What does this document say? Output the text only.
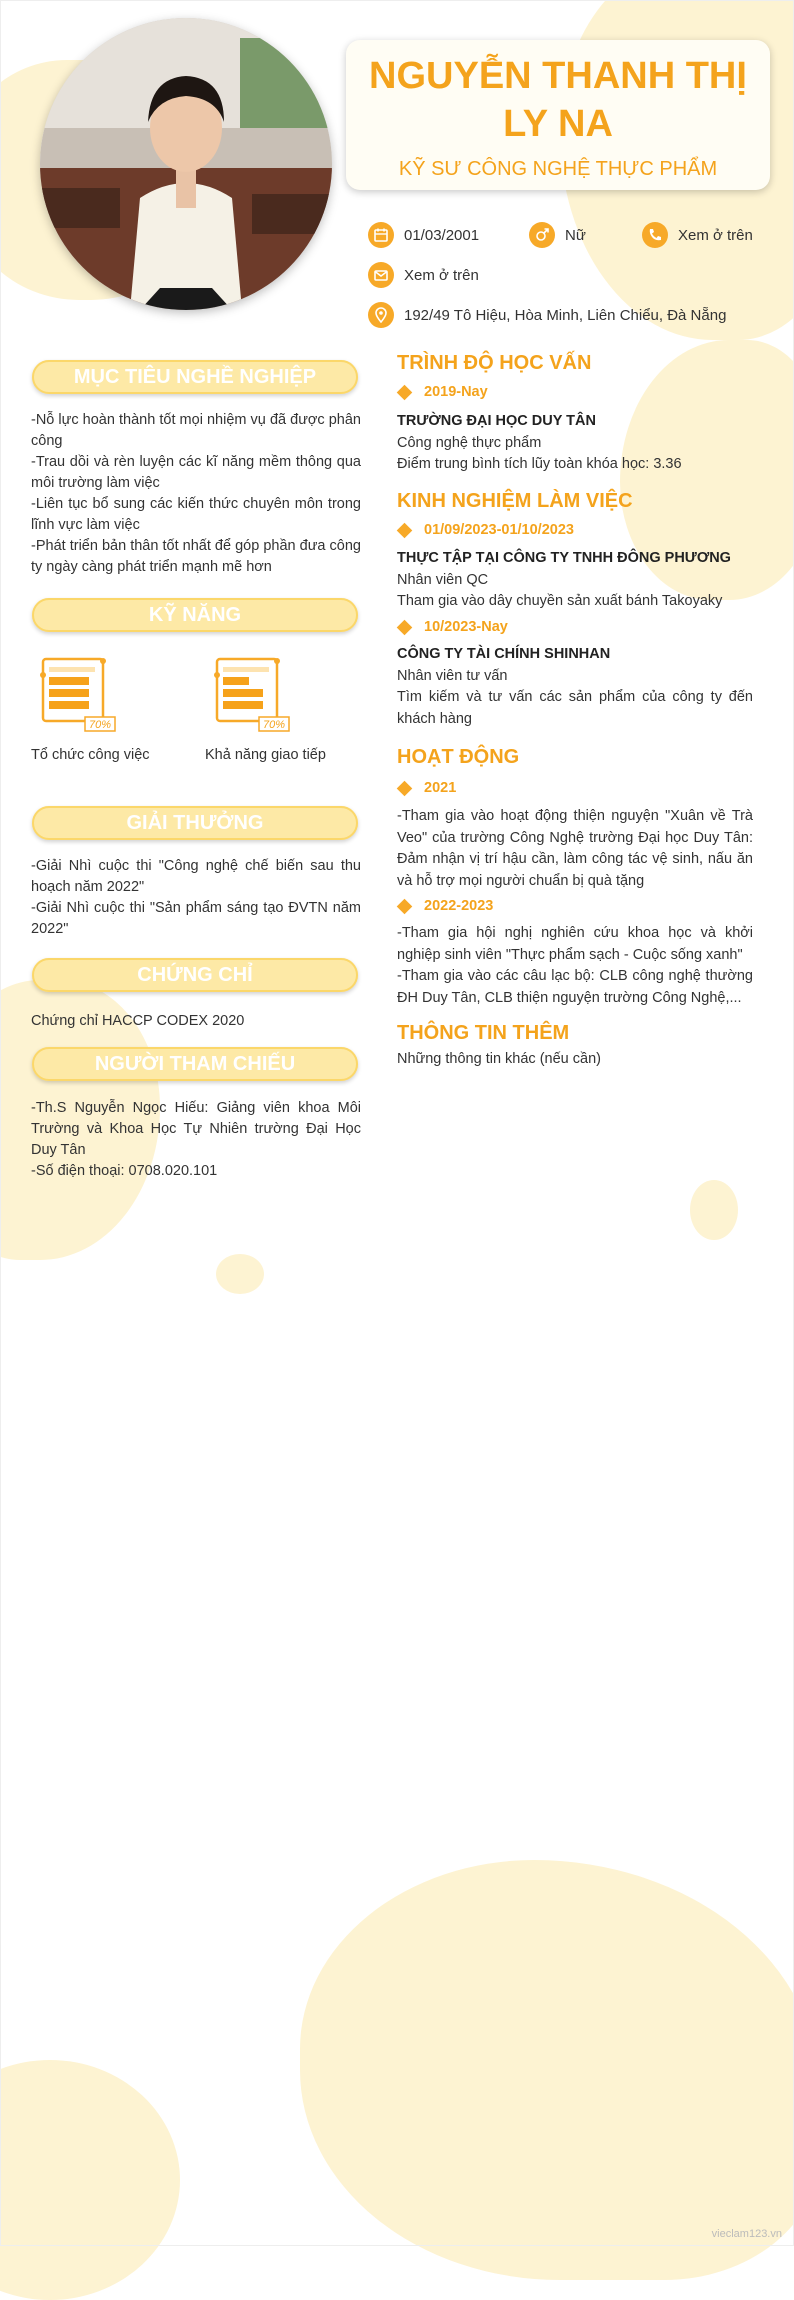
NGUYỄN THANH THỊ
LY NA
KỸ SƯ CÔNG NGHỆ THỰC PHẨM
01/03/2001	Nữ	Xem ở trên
Xem ở trên
192/49 Tô Hiệu, Hòa Minh, Liên Chiểu, Đà Nẵng
MỤC TIÊU NGHỀ NGHIỆP

-Nỗ lực hoàn thành tốt mọi nhiệm vụ đã được phân công

-Trau dồi và rèn luyện các kĩ năng mềm thông qua môi trường làm việc

-Liên tục bổ sung các kiến thức chuyên môn trong lĩnh vực làm việc

-Phát triển bản thân tốt nhất để góp phần đưa công ty ngày càng phát triển mạnh mẽ hơn

KỸ NĂNG
70%
Tổ chức công việc
70%
Khả năng giao tiếp
GIẢI THƯỞNG

-Giải Nhì cuộc thi "Công nghệ chế biến sau thu hoạch năm 2022"

-Giải Nhì cuộc thi "Sản phẩm sáng tạo ĐVTN năm 2022"

CHỨNG CHỈ

Chứng chỉ HACCP CODEX 2020

NGƯỜI THAM CHIẾU

-Th.S Nguyễn Ngọc Hiếu: Giảng viên khoa Môi Trường và Khoa Học Tự Nhiên trường Đại Học Duy Tân

-Số điện thoại: 0708.020.101

TRÌNH ĐỘ HỌC VẤN
2019-Nay

TRƯỜNG ĐẠI HỌC DUY TÂN

Công nghệ thực phẩm

Điểm trung bình tích lũy toàn khóa học: 3.36

KINH NGHIỆM LÀM VIỆC
01/09/2023-01/10/2023

THỰC TẬP TẠI CÔNG TY TNHH ĐÔNG PHƯƠNG

Nhân viên QC

Tham gia vào dây chuyền sản xuất bánh Takoyaky

10/2023-Nay

CÔNG TY TÀI CHÍNH SHINHAN

Nhân viên tư vấn

Tìm kiếm và tư vấn các sản phẩm của công ty đến khách hàng

HOẠT ĐỘNG
2021

-Tham gia vào hoạt động thiện nguyện "Xuân về Trà Veo" của trường Công Nghệ trường Đại học Duy Tân: Đảm nhận vị trí hậu cần, làm công tác vệ sinh, nấu ăn và hỗ trợ mọi người chuẩn bị quà tặng

2022-2023

-Tham gia hội nghị nghiên cứu khoa học và khởi nghiệp sinh viên "Thực phẩm sạch - Cuộc sống xanh"

-Tham gia vào các câu lạc bộ: CLB công nghệ thường ĐH Duy Tân, CLB thiện nguyện trường Công Nghệ,...

THÔNG TIN THÊM
Những thông tin khác (nếu cần)
vieclam123.vn
